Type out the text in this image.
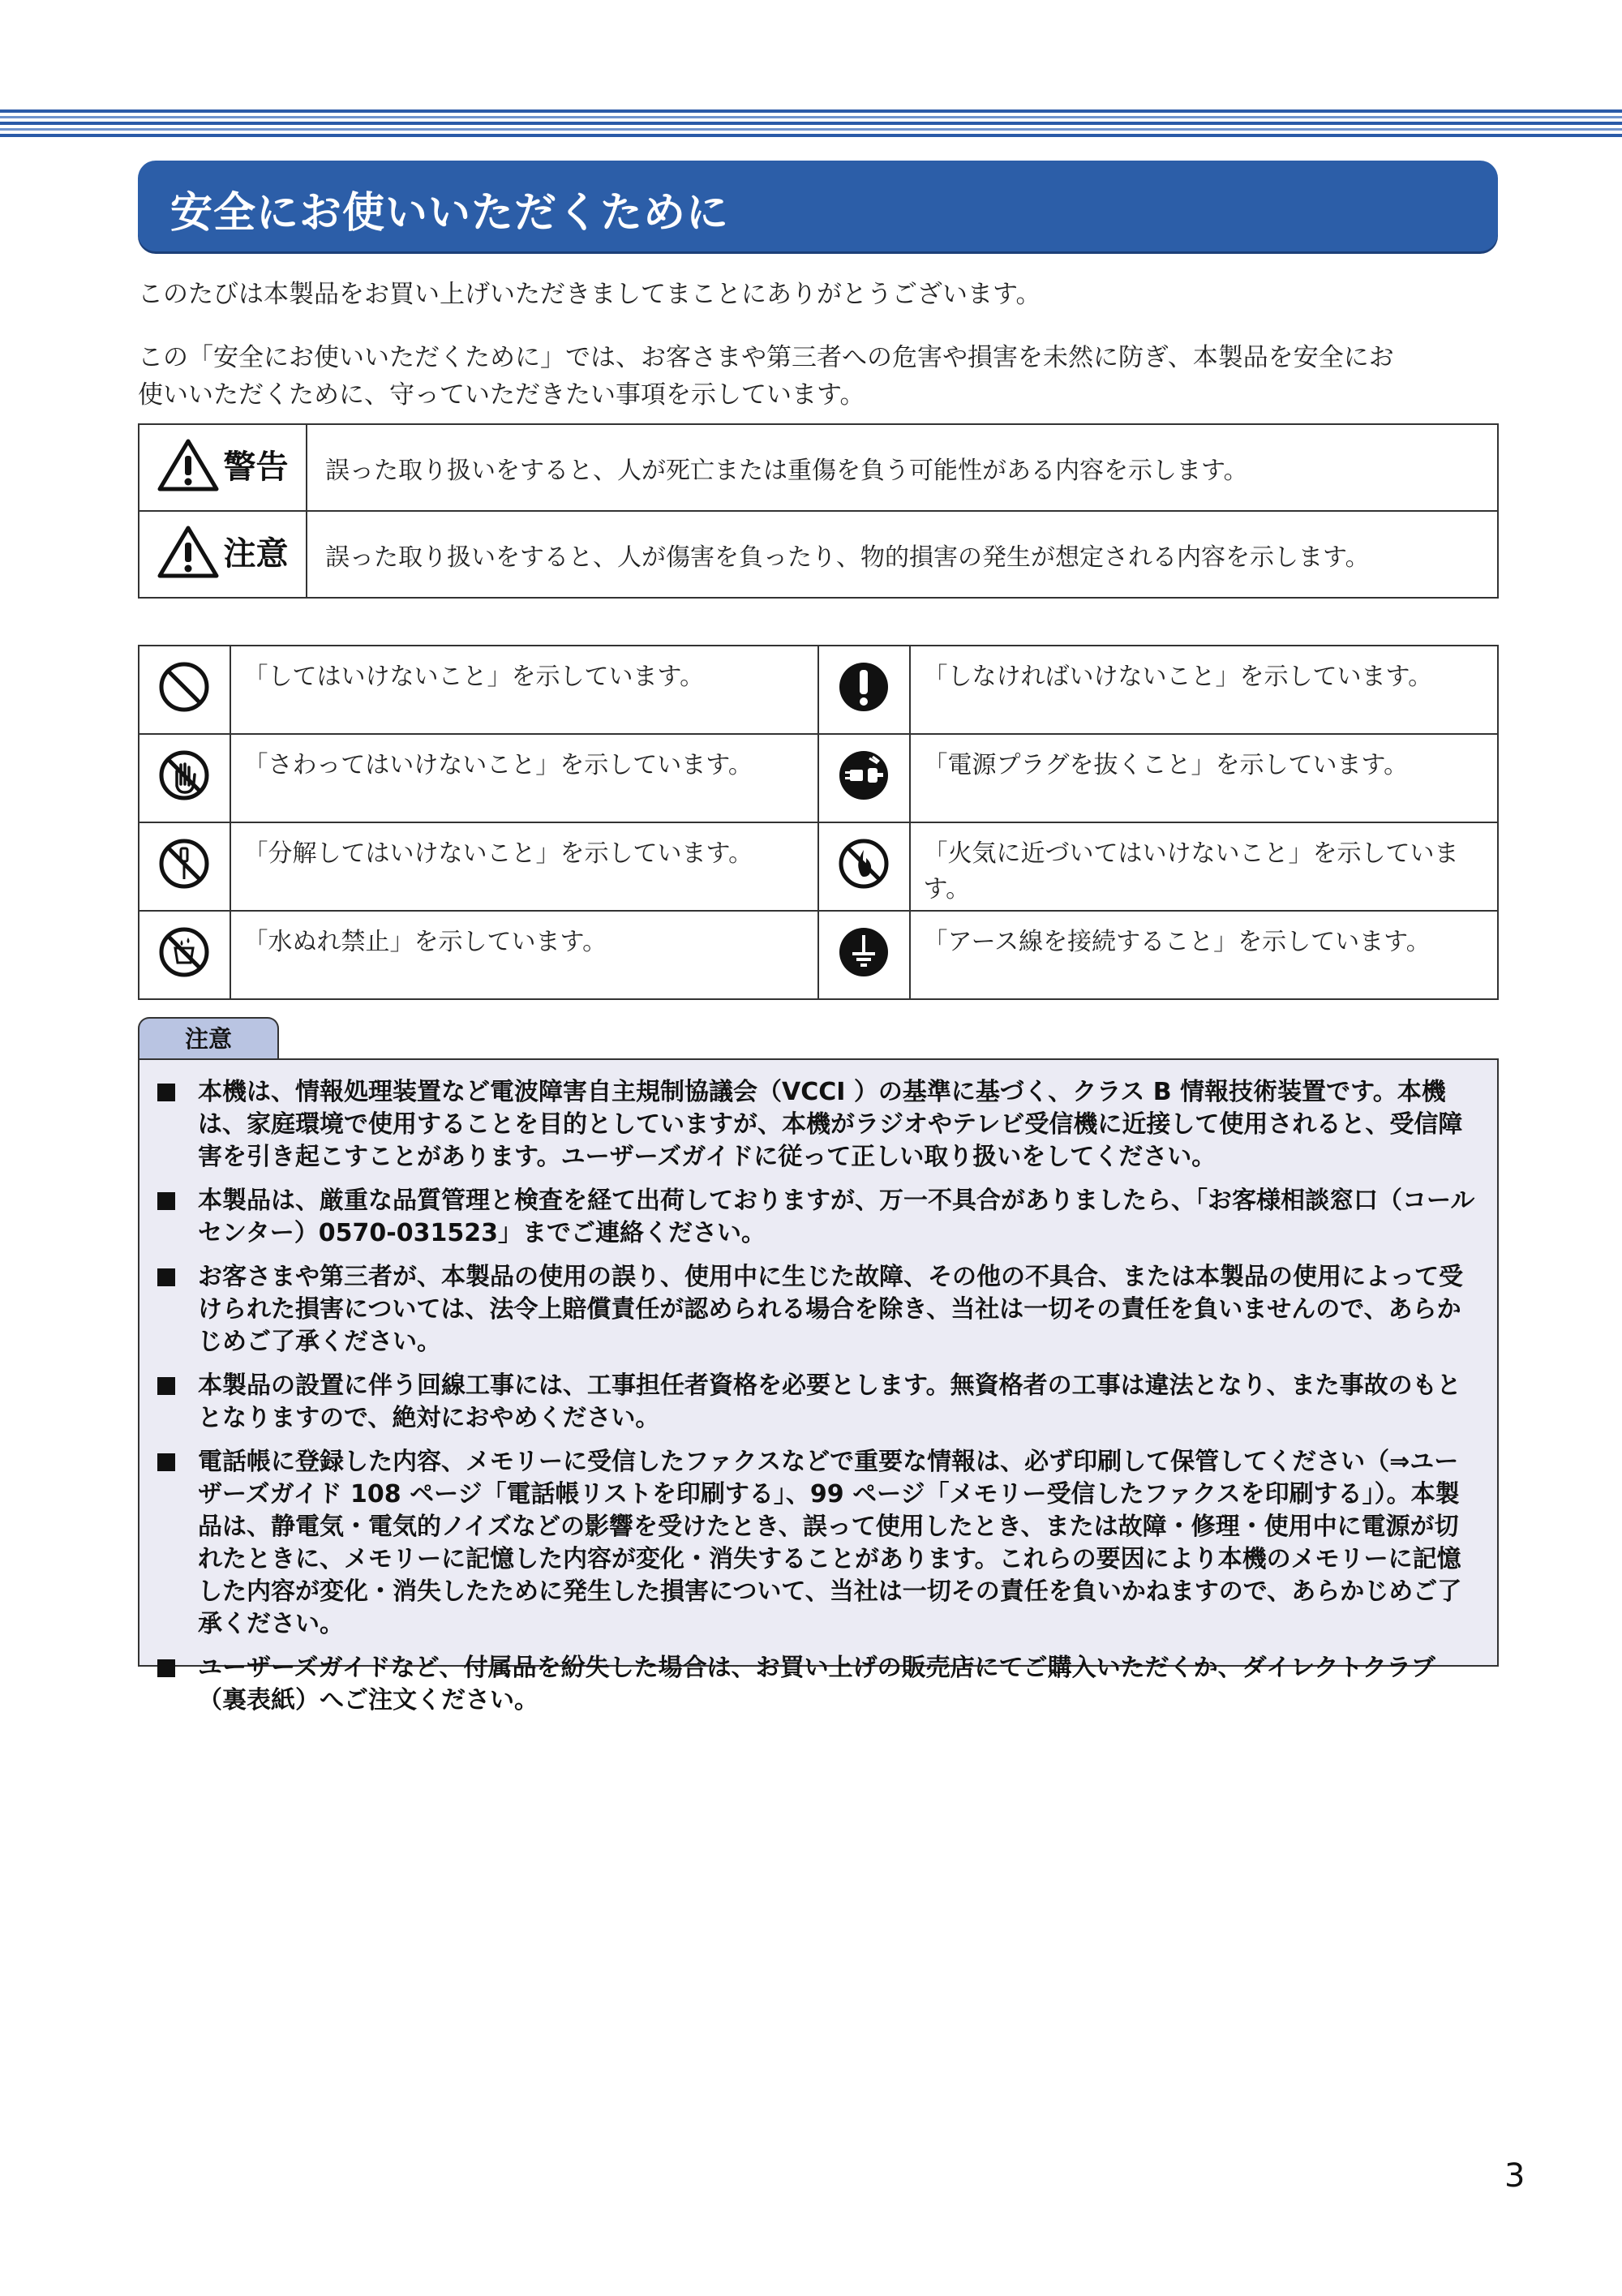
安全にお使いいただくために
このたびは本製品をお買い上げいただきましてまことにありがとうございます。
この「安全にお使いいただくために」では、お客さまや第三者への危害や損害を未然に防ぎ、本製品を安全にお
使いいただくために、守っていただきたい事項を示しています。
警告	誤った取り扱いをすると、人が死亡または重傷を負う可能性がある内容を示します。

注意	誤った取り扱いをすると、人が傷害を負ったり、物的損害の発生が想定される内容を示します。
	「してはいけないこと」を示しています。		「しなければいけないこと」を示しています。
	「さわってはいけないこと」を示しています。		「電源プラグを抜くこと」を示しています。
	「分解してはいけないこと」を示しています。		「火気に近づいてはいけないこと」を示しています。
	「水ぬれ禁止」を示しています。		「アース線を接続すること」を示しています。
注意
本機は、情報処理装置など電波障害自主規制協議会（VCCI ）の基準に基づく、クラス B 情報技術装置です。本機は、家庭環境で使用することを目的としていますが、本機がラジオやテレビ受信機に近接して使用されると、受信障害を引き起こすことがあります。ユーザーズガイドに従って正しい取り扱いをしてください。
本製品は、厳重な品質管理と検査を経て出荷しておりますが、万一不具合がありましたら、「お客様相談窓口（コールセンター）0570-031523」までご連絡ください。
お客さまや第三者が、本製品の使用の誤り、使用中に生じた故障、その他の不具合、または本製品の使用によって受けられた損害については、法令上賠償責任が認められる場合を除き、当社は一切その責任を負いませんので、あらかじめご了承ください。
本製品の設置に伴う回線工事には、工事担任者資格を必要とします。無資格者の工事は違法となり、また事故のもととなりますので、絶対におやめください。
電話帳に登録した内容、メモリーに受信したファクスなどで重要な情報は、必ず印刷して保管してください（⇒ユーザーズガイド 108 ページ「電話帳リストを印刷する」、99 ページ「メモリー受信したファクスを印刷する」）。本製品は、静電気・電気的ノイズなどの影響を受けたとき、誤って使用したとき、または故障・修理・使用中に電源が切れたときに、メモリーに記憶した内容が変化・消失することがあります。これらの要因により本機のメモリーに記憶した内容が変化・消失したために発生した損害について、当社は一切その責任を負いかねますので、あらかじめご了承ください。
ユーザーズガイドなど、付属品を紛失した場合は、お買い上げの販売店にてご購入いただくか、ダイレクトクラブ（裏表紙）へご注文ください。
3
